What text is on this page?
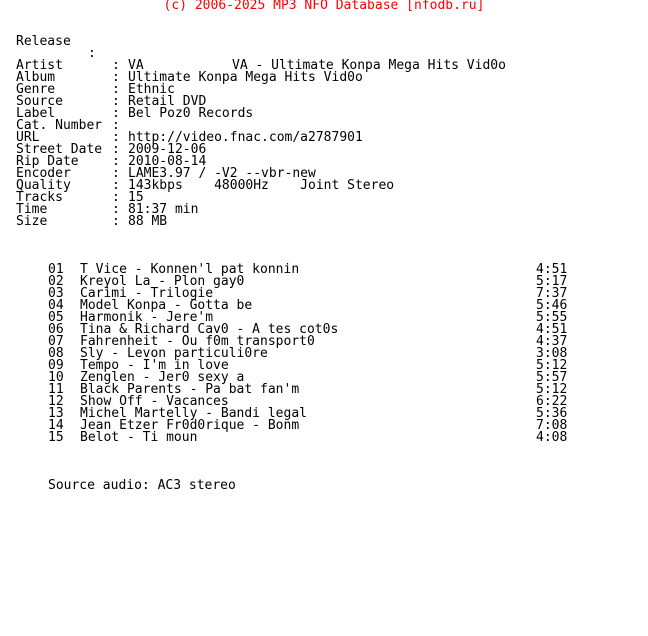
(c) 2006-2025 MP3 NFO Database [nfodb.ru]

Release

:

VA - Ultimate Konpa Mega Hits Vid0o

Artist	: VA
Album	: Ultimate Konpa Mega Hits Vid0o
Genre	: Ethnic
Source	: Retail DVD
Label	: Bel Poz0 Records
Cat. Number :
URL	: http://video.fnac.com/a2787901
Street Date : 2009-12-06
Rip Date	: 2010-08-14
Encoder	: LAME3.97 / -V2 --vbr-new
Quality	: 143kbps    48000Hz    Joint Stereo
Tracks	: 15
Time	: 81:37 min
Size	: 88 MB
01 T Vice - Konnen'l pat konnin	4:51
02 Kreyol La - Plon gay0	5:17
03 Carimi - Trilogie	7:37
04 Model Konpa - Gotta be	5:46
05 Harmonik - Jere'm	5:55
06 Tina & Richard Cav0 - A tes cot0s	4:51
07 Fahrenheit - Ou f0m transport0	4:37
08 Sly - Levon particuli0re	3:08
09 Tempo - I'm in love	5:12
10 Zenglen - Jer0 sexy a	5:57
11 Black Parents - Pa bat fan'm	5:12
12 Show Off - Vacances	6:22
13 Michel Martelly - Bandi legal	5:36
14 Jean Etzer Fr0d0rique - Bonm	7:08
15 Belot - Ti moun	4:08
Source audio: AC3 stereo
